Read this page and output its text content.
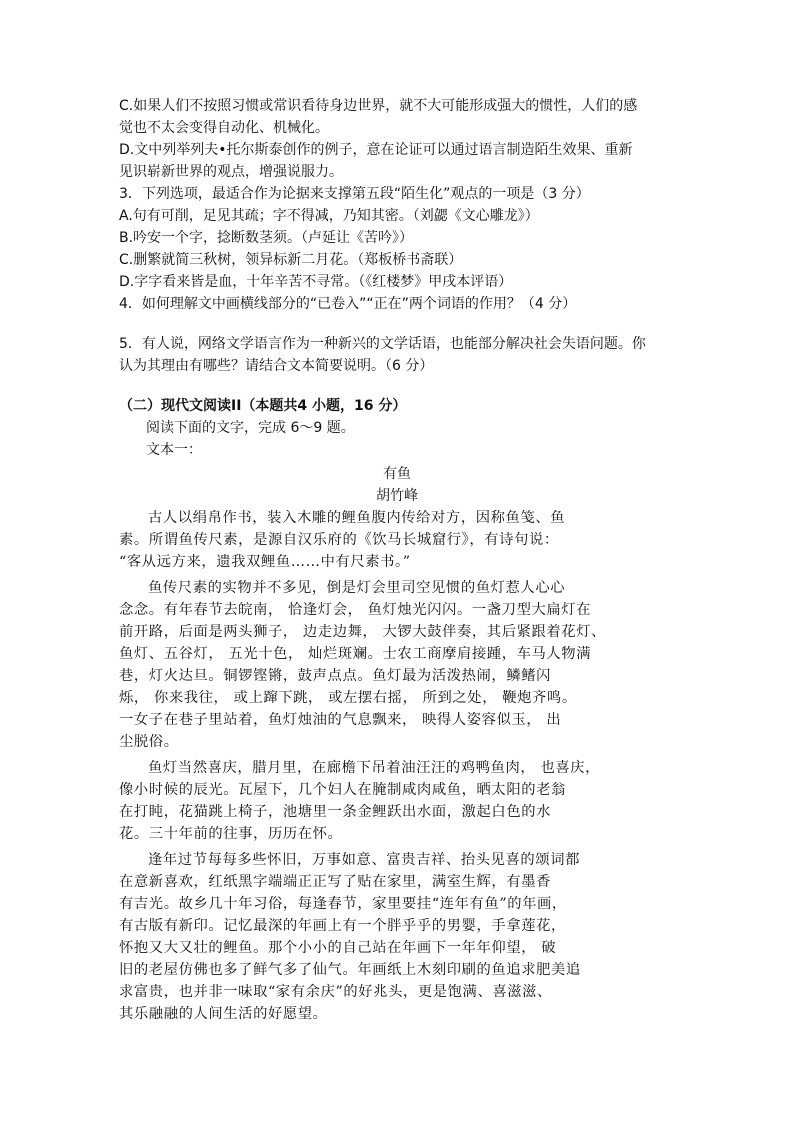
C.如果人们不按照习惯或常识看待身边世界，就不大可能形成强大的惯性，人们的感
觉也不太会变得自动化、机械化。
D.文中列举列夫•托尔斯泰创作的例子，意在论证可以通过语言制造陌生效果、重新
见识崭新世界的观点，增强说服力。
3．下列选项，最适合作为论据来支撑第五段“陌生化”观点的一项是（3 分）
A.句有可削，足见其疏；字不得减，乃知其密。（刘勰《文心雕龙》）
B.吟安一个字，捻断数茎须。（卢延让《苦吟》）
C.删繁就简三秋树，领异标新二月花。（郑板桥书斋联）
D.字字看来皆是血，十年辛苦不寻常。（《红楼梦》甲戌本评语）
4．如何理解文中画横线部分的“已卷入”“正在”两个词语的作用？（4 分）
5．有人说，网络文学语言作为一种新兴的文学话语，也能部分解决社会失语问题。你
认为其理由有哪些？请结合文本简要说明。（6 分）
（二）现代文阅读II（本题共4 小题，16 分）
阅读下面的文字，完成 6～9 题。
文本一：
有鱼
胡竹峰
古人以绢帛作书，装入木雕的鲤鱼腹内传给对方，因称鱼笺、鱼
素。所谓鱼传尺素，是源自汉乐府的《饮马长城窟行》，有诗句说：
“客从远方来，遗我双鲤鱼……中有尺素书。”
鱼传尺素的实物并不多见，倒是灯会里司空见惯的鱼灯惹人心心
念念。有年春节去皖南， 恰逢灯会， 鱼灯烛光闪闪。一盏刀型大扁灯在
前开路，后面是两头狮子， 边走边舞， 大锣大鼓伴奏，其后紧跟着花灯、
鱼灯、五谷灯， 五光十色， 灿烂斑斓。士农工商摩肩接踵，车马人物满
巷，灯火达旦。铜锣铿锵，鼓声点点。鱼灯最为活泼热闹，鳞鳍闪
烁， 你来我往， 或上蹿下跳， 或左摆右摇， 所到之处， 鞭炮齐鸣。
一女子在巷子里站着，鱼灯烛油的气息飘来， 映得人姿容似玉， 出
尘脱俗。
鱼灯当然喜庆，腊月里，在廊檐下吊着油汪汪的鸡鸭鱼肉， 也喜庆，
像小时候的辰光。瓦屋下，几个妇人在腌制咸肉咸鱼，晒太阳的老翁
在打盹，花猫跳上椅子，池塘里一条金鲤跃出水面，激起白色的水
花。三十年前的往事，历历在怀。
逢年过节每每多些怀旧，万事如意、富贵吉祥、抬头见喜的颂词都
在意新喜欢，红纸黑字端端正正写了贴在家里，满室生辉，有墨香
有吉光。故乡几十年习俗，每逢春节，家里要挂“连年有鱼”的年画，
有古版有新印。记忆最深的年画上有一个胖乎乎的男婴，手拿莲花，
怀抱又大又壮的鲤鱼。那个小小的自己站在年画下一年年仰望， 破
旧的老屋仿佛也多了鲜气多了仙气。年画纸上木刻印刷的鱼追求肥美追
求富贵，也并非一味取“家有余庆”的好兆头，更是饱满、喜滋滋、
其乐融融的人间生活的好愿望。
